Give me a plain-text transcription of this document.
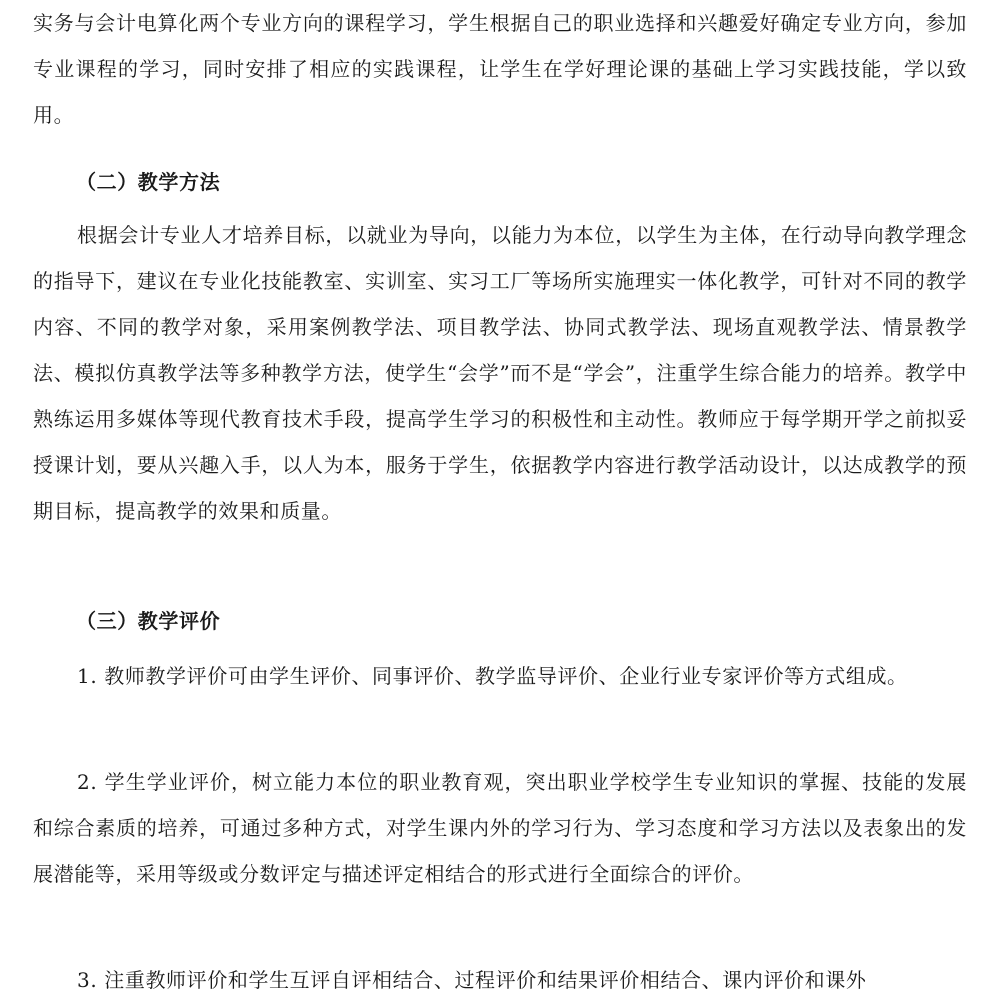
实务与会计电算化两个专业方向的课程学习，学生根据自己的职业选择和兴趣爱好确定专业方向，参加专业课程的学习，同时安排了相应的实践课程，让学生在学好理论课的基础上学习实践技能，学以致用。

（二）教学方法

根据会计专业人才培养目标，以就业为导向，以能力为本位，以学生为主体，在行动导向教学理念的指导下，建议在专业化技能教室、实训室、实习工厂等场所实施理实一体化教学，可针对不同的教学内容、不同的教学对象，采用案例教学法、项目教学法、协同式教学法、现场直观教学法、情景教学法、模拟仿真教学法等多种教学方法，使学生“会学”而不是“学会”，注重学生综合能力的培养。教学中熟练运用多媒体等现代教育技术手段，提高学生学习的积极性和主动性。教师应于每学期开学之前拟妥授课计划，要从兴趣入手，以人为本，服务于学生，依据教学内容进行教学活动设计，以达成教学的预期目标，提高教学的效果和质量。

（三）教学评价

1. 教师教学评价可由学生评价、同事评价、教学监导评价、企业行业专家评价等方式组成。

2. 学生学业评价，树立能力本位的职业教育观，突出职业学校学生专业知识的掌握、技能的发展和综合素质的培养，可通过多种方式，对学生课内外的学习行为、学习态度和学习方法以及表象出的发展潜能等，采用等级或分数评定与描述评定相结合的形式进行全面综合的评价。

3. 注重教师评价和学生互评自评相结合、过程评价和结果评价相结合、课内评价和课外
